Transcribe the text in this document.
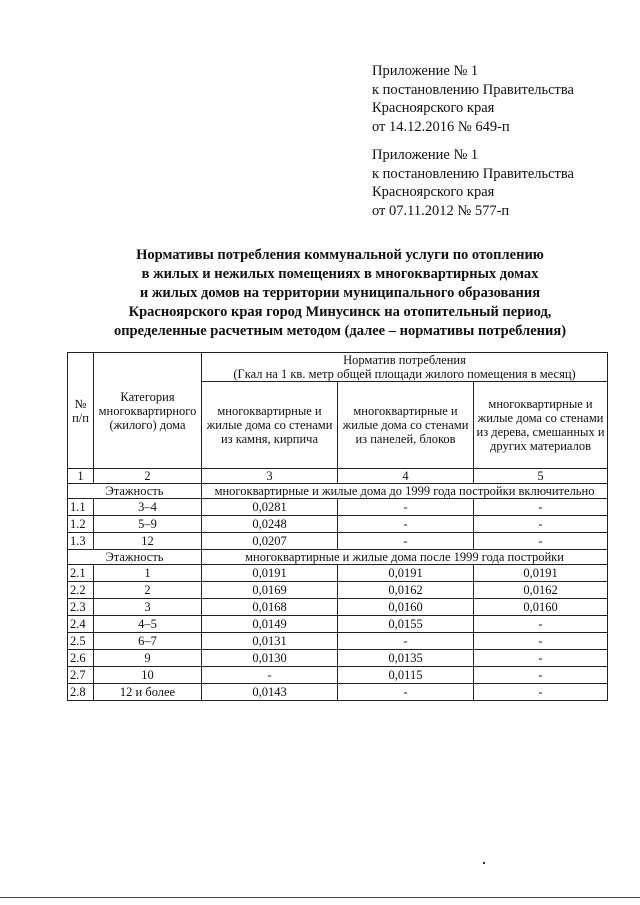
Приложение № 1
к постановлению Правительства
Красноярского края
от 14.12.2016 № 649-п
Приложение № 1
к постановлению Правительства
Красноярского края
от 07.11.2012 № 577-п
Нормативы потребления коммунальной услуги по отоплению
в жилых и нежилых помещениях в многоквартирных домах
и жилых домов на территории муниципального образования
Красноярского края город Минусинск на отопительный период,
определенные расчетным методом (далее – нормативы потребления)
№ п/п	Категория многоквартирного (жилого) дома	Норматив потребления
(Гкал на 1 кв. метр общей площади жилого помещения в месяц)		

		многоквартирные и жилые дома со стенами из камня, кирпича	многоквартирные и жилые дома со стенами из панелей, блоков	многоквартирные и жилые дома со стенами из дерева, смешанных и других материалов
1	2	3	4	5
Этажность		многоквартирные и жилые дома до 1999 года постройки включительно		
1.1	3–4	0,0281	-	-
1.2	5–9	0,0248	-	-
1.3	12	0,0207	-	-
Этажность		многоквартирные и жилые дома после 1999 года постройки		
2.1	1	0,0191	0,0191	0,0191
2.2	2	0,0169	0,0162	0,0162
2.3	3	0,0168	0,0160	0,0160
2.4	4–5	0,0149	0,0155	-
2.5	6–7	0,0131	-	-
2.6	9	0,0130	0,0135	-
2.7	10	-	0,0115	-
2.8	12 и более	0,0143	-	-
